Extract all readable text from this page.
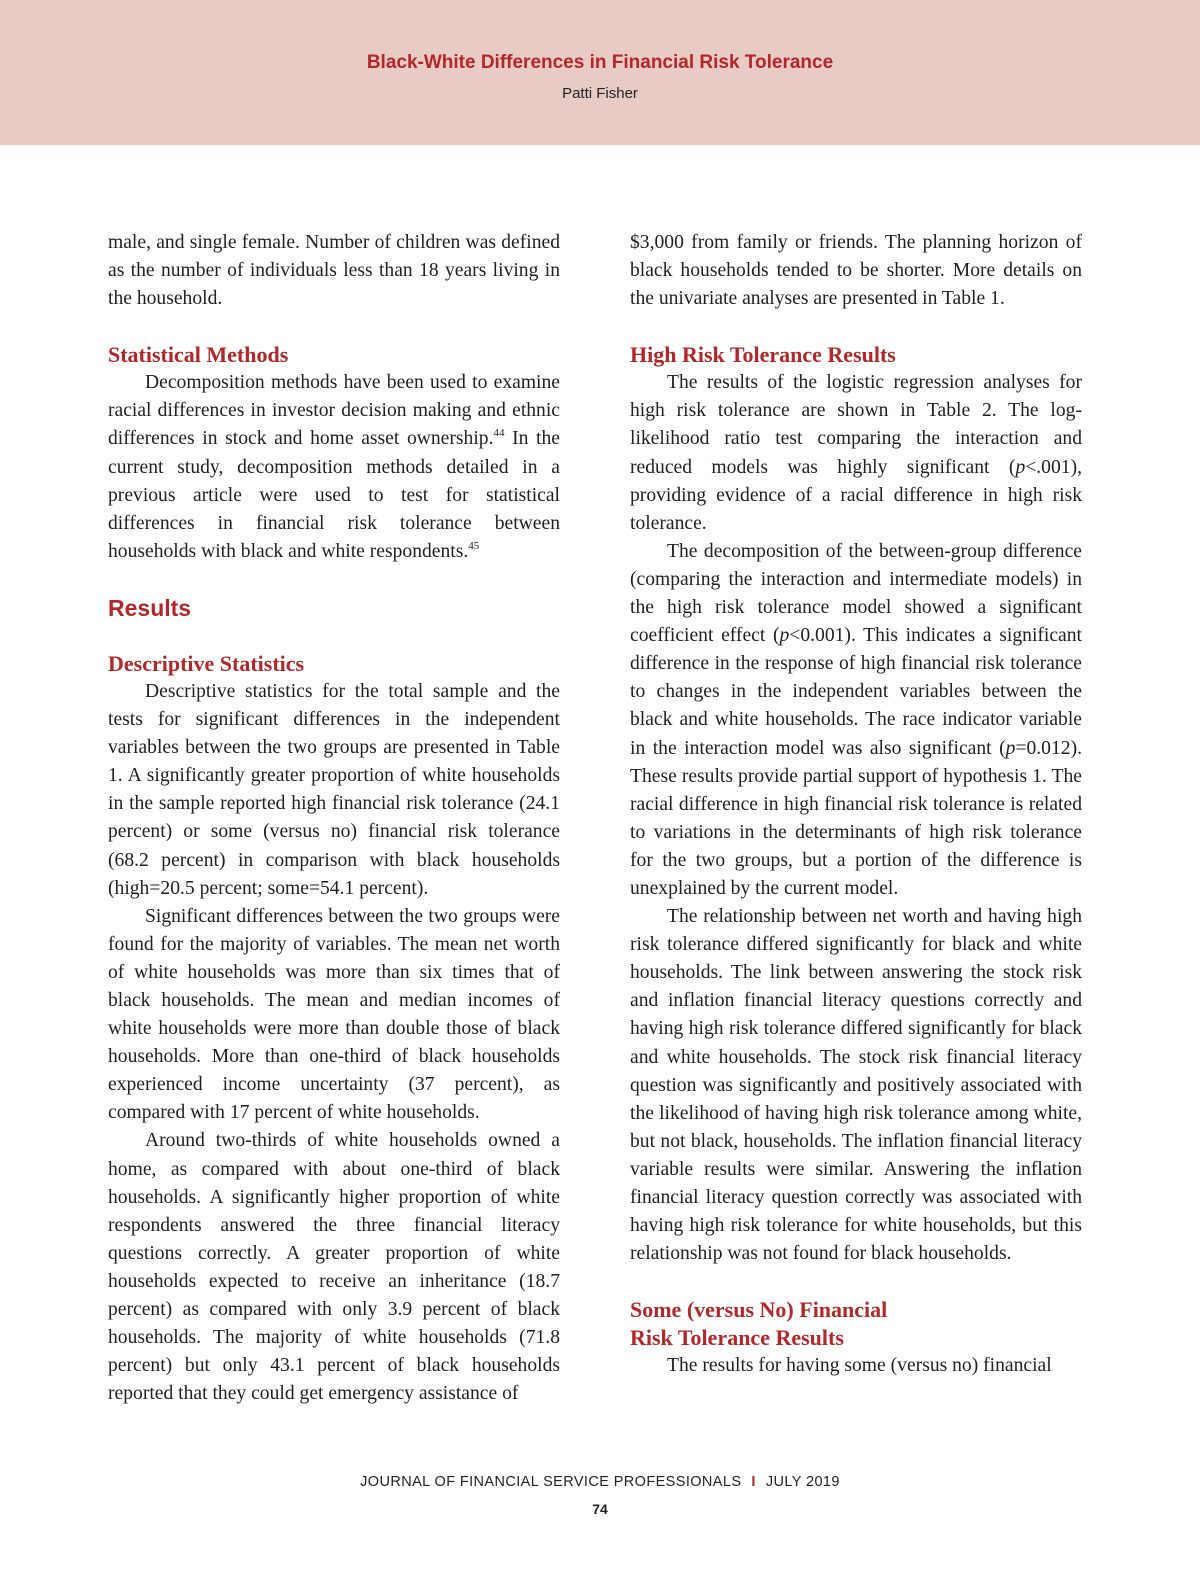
Black-White Differences in Financial Risk Tolerance
Patti Fisher

male, and single female. Number of children was defined as the number of individuals less than 18 years living in the household.

Statistical Methods

Decomposition methods have been used to examine racial differences in investor decision making and ethnic differences in stock and home asset ownership.$^{44}$ In the current study, decomposition methods detailed in a previous article were used to test for statistical differences in financial risk tolerance between households with black and white respondents.$^{45}$

Results
Descriptive Statistics

Descriptive statistics for the total sample and the tests for significant differences in the independent variables between the two groups are presented in Table 1. A significantly greater proportion of white households in the sample reported high financial risk tolerance (24.1 percent) or some (versus no) financial risk tolerance (68.2 percent) in comparison with black households (high=20.5 percent; some=54.1 percent).

Significant differences between the two groups were found for the majority of variables. The mean net worth of white households was more than six times that of black households. The mean and median incomes of white households were more than double those of black households. More than one-third of black households experienced income uncertainty (37 percent), as compared with 17 percent of white households.

Around two-thirds of white households owned a home, as compared with about one-third of black households. A significantly higher proportion of white respondents answered the three financial literacy questions correctly. A greater proportion of white households expected to receive an inheritance (18.7 percent) as compared with only 3.9 percent of black households. The majority of white households (71.8 percent) but only 43.1 percent of black households reported that they could get emergency assistance of

$3,000 from family or friends. The planning horizon of black households tended to be shorter. More details on the univariate analyses are presented in Table 1.

High Risk Tolerance Results

The results of the logistic regression analyses for high risk tolerance are shown in Table 2. The log-likelihood ratio test comparing the interaction and reduced models was highly significant (p<.001), providing evidence of a racial difference in high risk tolerance.

The decomposition of the between-group difference (comparing the interaction and intermediate models) in the high risk tolerance model showed a significant coefficient effect (p<0.001). This indicates a significant difference in the response of high financial risk tolerance to changes in the independent variables between the black and white households. The race indicator variable in the interaction model was also significant (p=0.012). These results provide partial support of hypothesis 1. The racial difference in high financial risk tolerance is related to variations in the determinants of high risk tolerance for the two groups, but a portion of the difference is unexplained by the current model.

The relationship between net worth and having high risk tolerance differed significantly for black and white households. The link between answering the stock risk and inflation financial literacy questions correctly and having high risk tolerance differed significantly for black and white households. The stock risk financial literacy question was significantly and positively associated with the likelihood of having high risk tolerance among white, but not black, households. The inflation financial literacy variable results were similar. Answering the inflation financial literacy question correctly was associated with having high risk tolerance for white households, but this relationship was not found for black households.

Some (versus No) Financial
Risk Tolerance Results

The results for having some (versus no) financial

JOURNAL OF FINANCIAL SERVICE PROFESSIONALS I JULY 2019
74
